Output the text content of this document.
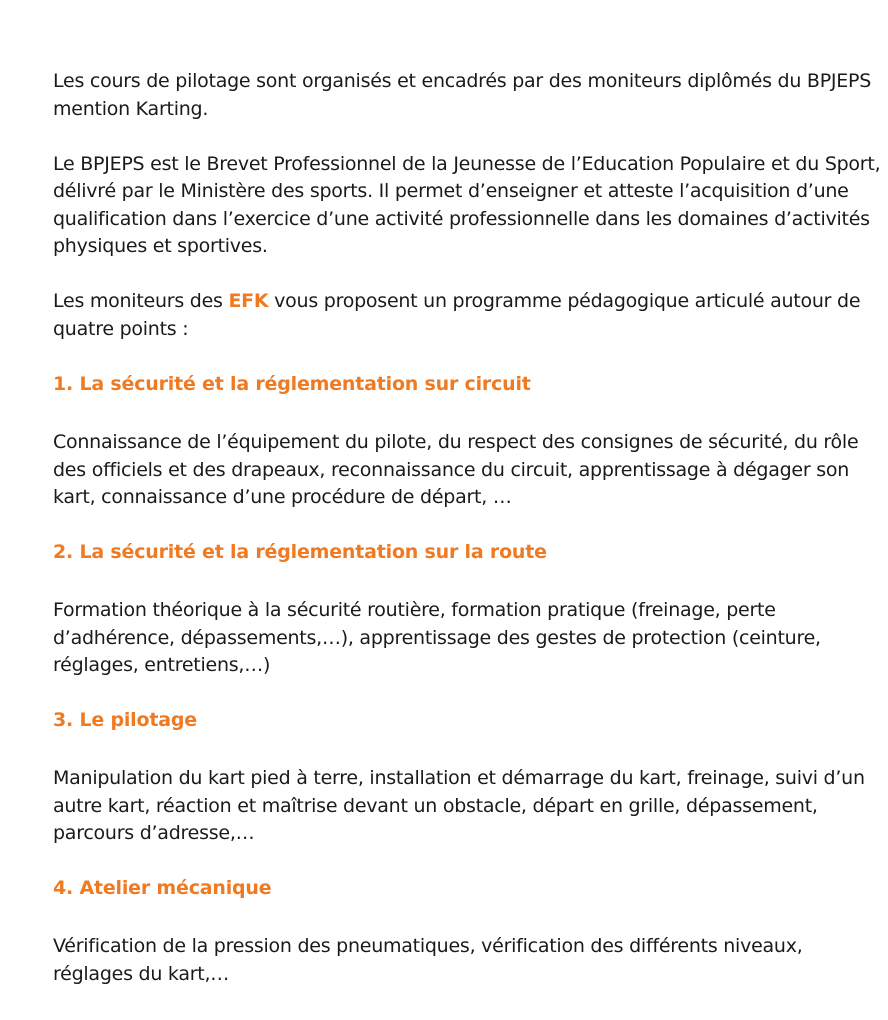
Les cours de pilotage sont organisés et encadrés par des moniteurs diplômés du BPJEPS mention Karting.

Le BPJEPS est le Brevet Professionnel de la Jeunesse de l’Education Populaire et du Sport, délivré par le Ministère des sports. Il permet d’enseigner et atteste l’acquisition d’une qualification dans l’exercice d’une activité professionnelle dans les domaines d’activités physiques et sportives.

Les moniteurs des EFK vous proposent un programme pédagogique articulé autour de quatre points :

1. La sécurité et la réglementation sur circuit

Connaissance de l’équipement du pilote, du respect des consignes de sécurité, du rôle des officiels et des drapeaux, reconnaissance du circuit, apprentissage à dégager son kart, connaissance d’une procédure de départ, …

2. La sécurité et la réglementation sur la route

Formation théorique à la sécurité routière, formation pratique (freinage, perte d’adhérence, dépassements,…), apprentissage des gestes de protection (ceinture, réglages, entretiens,…)

3. Le pilotage

Manipulation du kart pied à terre, installation et démarrage du kart, freinage, suivi d’un autre kart, réaction et maîtrise devant un obstacle, départ en grille, dépassement, parcours d’adresse,…

4. Atelier mécanique

Vérification de la pression des pneumatiques, vérification des différents niveaux, réglages du kart,…
